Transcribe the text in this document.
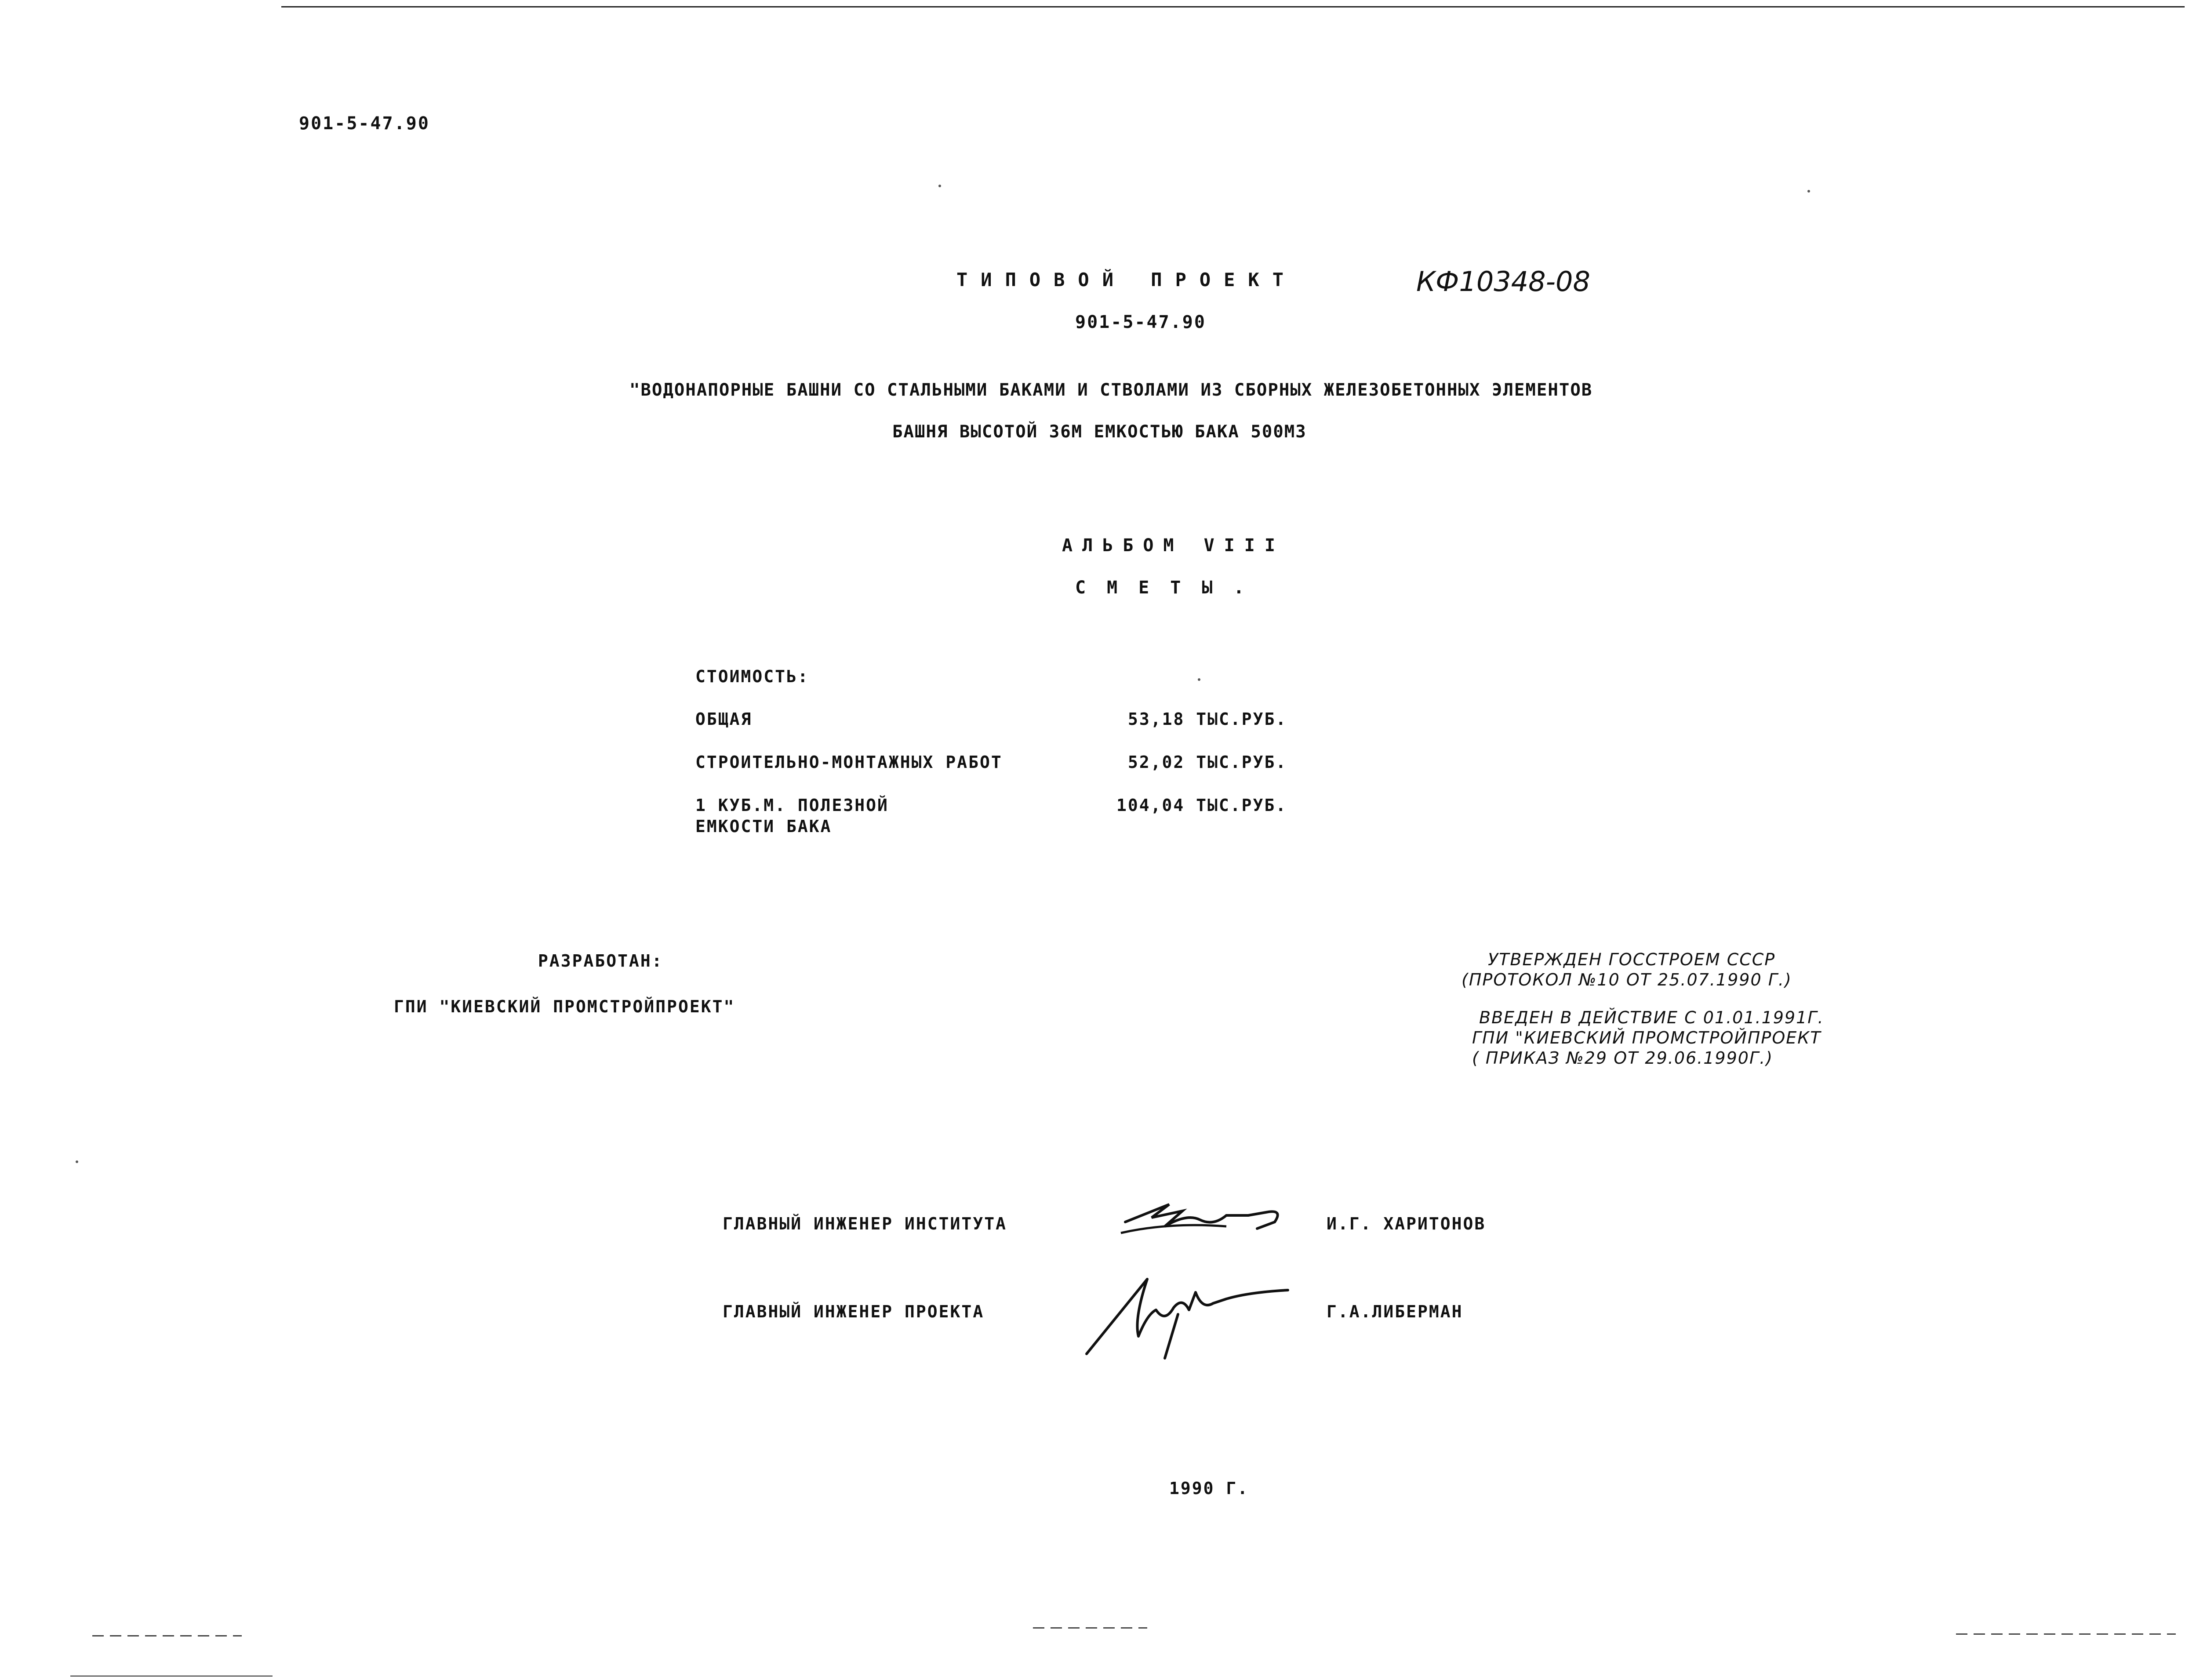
901-5-47.90
ТИПОВОЙ ПРОЕКТ	КФ10348-08
901-5-47.90
"ВОДОНАПОРНЫЕ БАШНИ СО СТАЛЬНЫМИ БАКАМИ И СТВОЛАМИ ИЗ СБОРНЫХ ЖЕЛЕЗОБЕТОННЫХ ЭЛЕМЕНТОВ
БАШНЯ ВЫСОТОЙ 36М ЕМКОСТЬЮ БАКА 500М3
АЛЬБОМ VIII
СМЕТЫ.
СТОИМОСТЬ:
ОБЩАЯ	53,18 ТЫС.РУБ.
СТРОИТЕЛЬНО-МОНТАЖНЫХ РАБОТ	52,02 ТЫС.РУБ.
1 КУБ.М. ПОЛЕЗНОЙ
ЕМКОСТИ БАКА
104,04 ТЫС.РУБ.
РАЗРАБОТАН:
ГПИ "КИЕВСКИЙ ПРОМСТРОЙПРОЕКТ"
УТВЕРЖДЕН ГОССТРОЕМ СССР
(ПРОТОКОЛ №10 ОТ 25.07.1990 Г.)
ВВЕДЕН В ДЕЙСТВИЕ С 01.01.1991Г.
ГПИ "КИЕВСКИЙ ПРОМСТРОЙПРОЕКТ
( ПРИКАЗ №29 ОТ 29.06.1990Г.)
ГЛАВНЫЙ ИНЖЕНЕР ИНСТИТУТА	И.Г. ХАРИТОНОВ
ГЛАВНЫЙ ИНЖЕНЕР ПРОЕКТА	Г.А.ЛИБЕРМАН
1990 Г.
